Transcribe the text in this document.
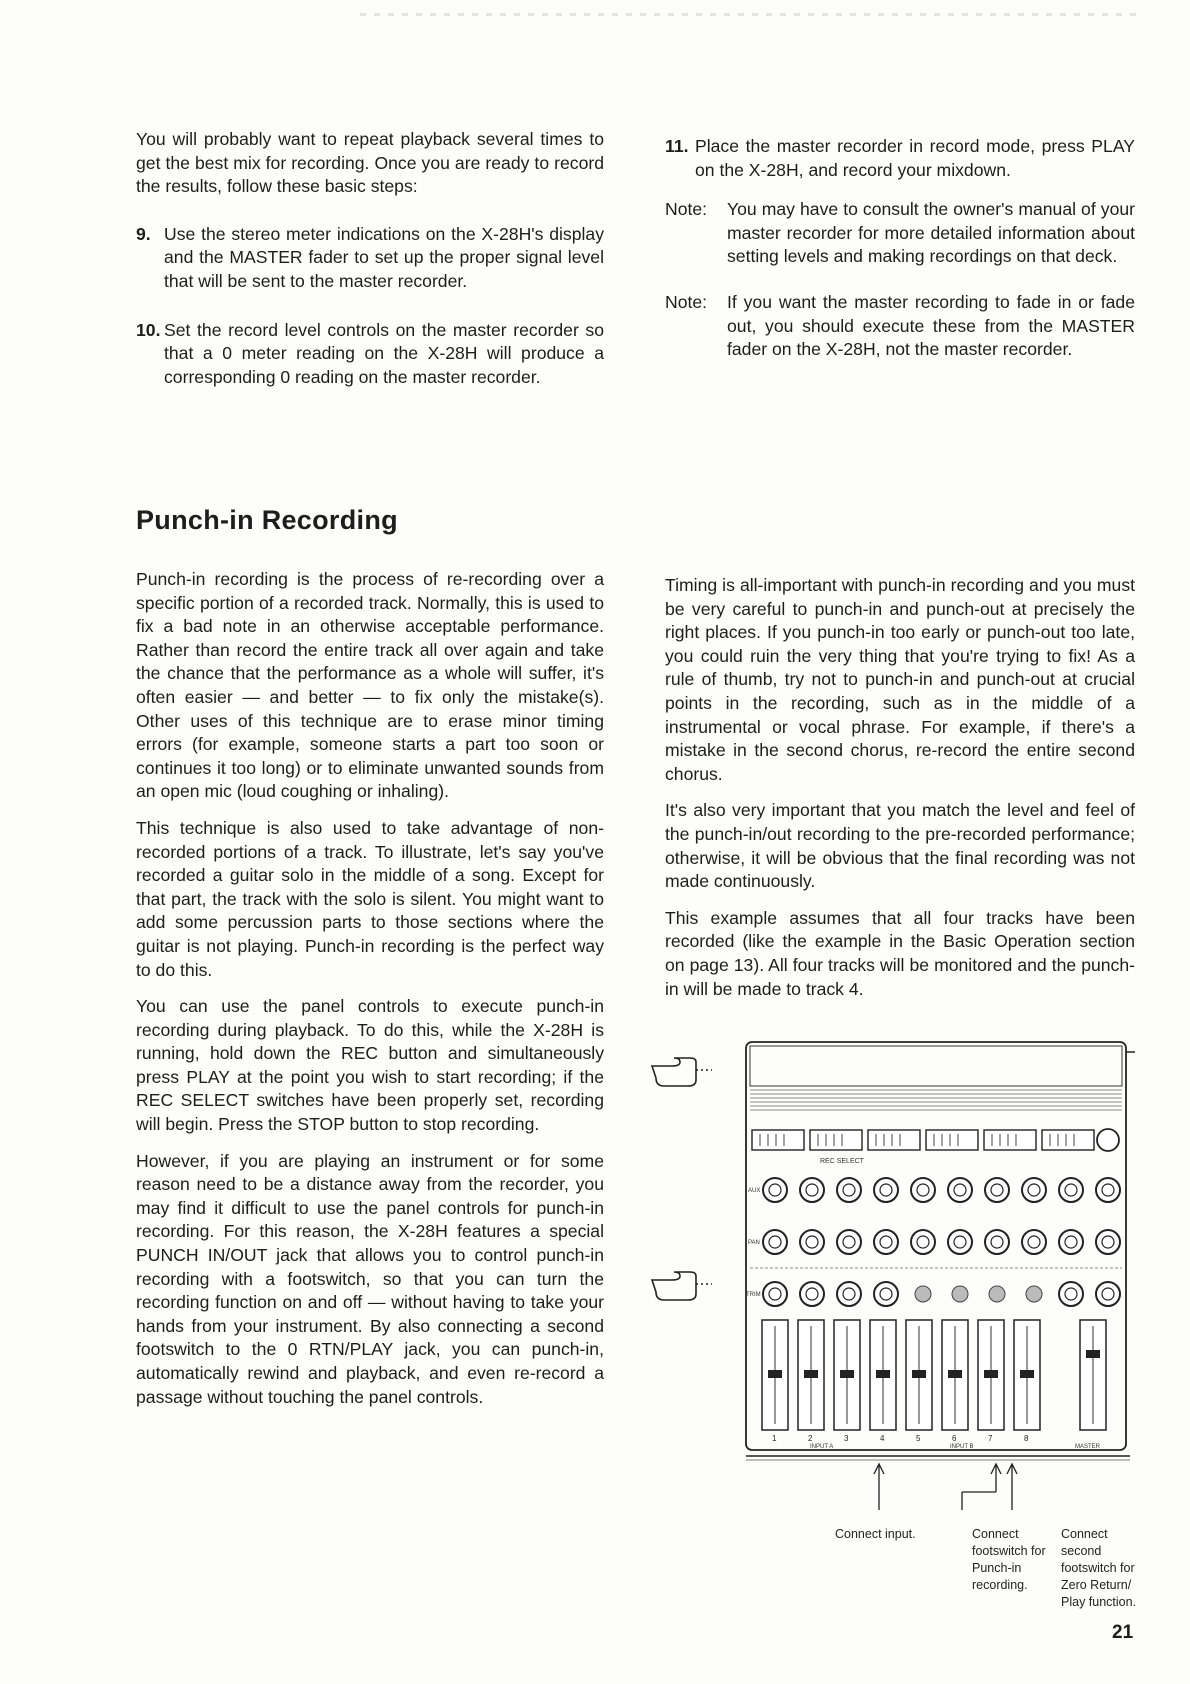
You will probably want to repeat playback several times to get the best mix for recording. Once you are ready to record the results, follow these basic steps:

9. Use the stereo meter indications on the X-28H's display and the MASTER fader to set up the proper signal level that will be sent to the master recorder.
10. Set the record level controls on the master recorder so that a 0 meter reading on the X-28H will produce a corresponding 0 reading on the master recorder.
11. Place the master recorder in record mode, press PLAY on the X-28H, and record your mixdown.
Note:	You may have to consult the owner's manual of your master recorder for more detailed information about setting levels and making recordings on that deck.
Note:	If you want the master recording to fade in or fade out, you should execute these from the MASTER fader on the X-28H, not the master recorder.
Punch-in Recording

Punch-in recording is the process of re-recording over a specific portion of a recorded track. Normally, this is used to fix a bad note in an otherwise acceptable performance. Rather than record the entire track all over again and take the chance that the performance as a whole will suffer, it's often easier — and better — to fix only the mistake(s). Other uses of this technique are to erase minor timing errors (for example, someone starts a part too soon or continues it too long) or to eliminate unwanted sounds from an open mic (loud coughing or inhaling).

This technique is also used to take advantage of non-recorded portions of a track. To illustrate, let's say you've recorded a guitar solo in the middle of a song. Except for that part, the track with the solo is silent. You might want to add some percussion parts to those sections where the guitar is not playing. Punch-in recording is the perfect way to do this.

You can use the panel controls to execute punch-in recording during playback. To do this, while the X-28H is running, hold down the REC button and simultaneously press PLAY at the point you wish to start recording; if the REC SELECT switches have been properly set, recording will begin. Press the STOP button to stop recording.

However, if you are playing an instrument or for some reason need to be a distance away from the recorder, you may find it difficult to use the panel controls for punch-in recording. For this reason, the X-28H features a special PUNCH IN/OUT jack that allows you to control punch-in recording with a footswitch, so that you can turn the recording function on and off — without having to take your hands from your instrument. By also connecting a second footswitch to the 0 RTN/PLAY jack, you can punch-in, automatically rewind and playback, and even re-record a passage without touching the panel controls.

Timing is all-important with punch-in recording and you must be very careful to punch-in and punch-out at precisely the right places. If you punch-in too early or punch-out too late, you could ruin the very thing that you're trying to fix! As a rule of thumb, try not to punch-in and punch-out at crucial points in the recording, such as in the middle of a instrumental or vocal phrase. For example, if there's a mistake in the second chorus, re-record the entire second chorus.

It's also very important that you match the level and feel of the punch-in/out recording to the pre-recorded performance; otherwise, it will be obvious that the final recording was not made continuously.

This example assumes that all four tracks have been recorded (like the example in the Basic Operation section on page 13). All four tracks will be monitored and the punch-in will be made to track 4.

REC SELECT
AUX
PAN
TRIM
1	2	3	4	5	6	7	8
INPUT A	INPUT B	MASTER
Connect input.	Connect footswitch for Punch-in recording.
Connect second footswitch for Zero Return/ Play function.
21
